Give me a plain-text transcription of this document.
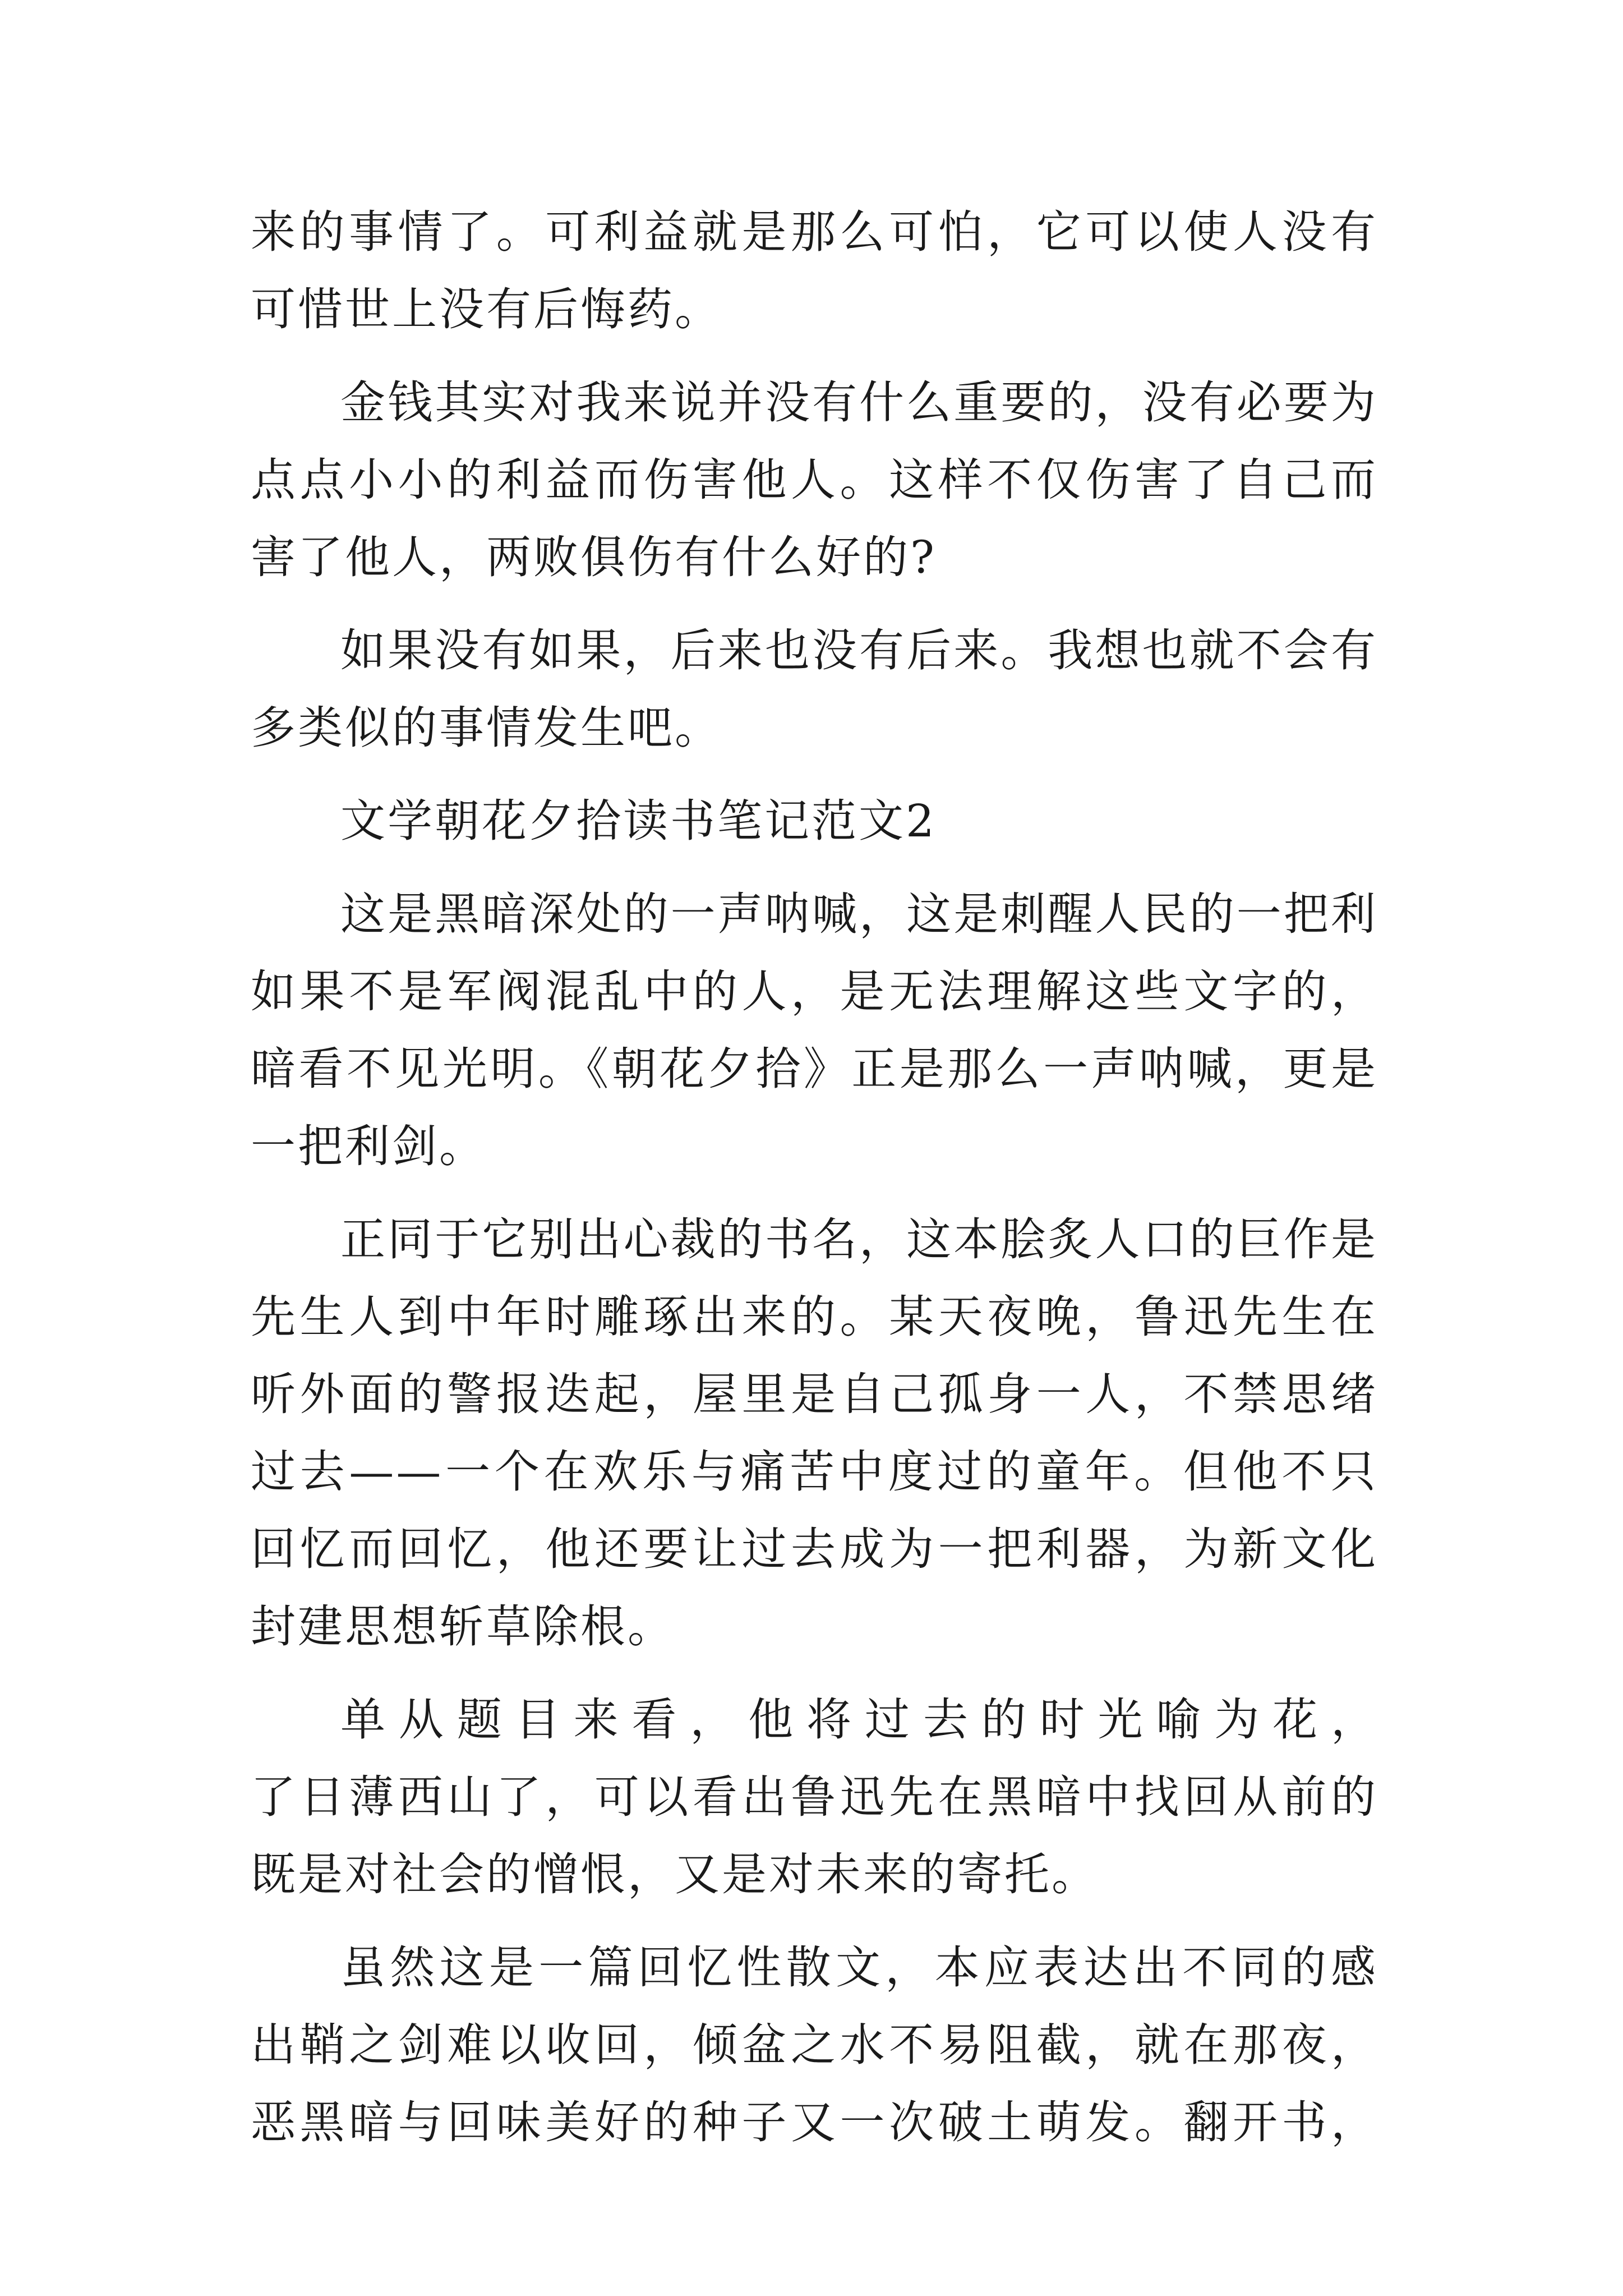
来的事情了。可利益就是那么可怕，它可以使人没有
可惜世上没有后悔药。
金钱其实对我来说并没有什么重要的，没有必要为
点点小小的利益而伤害他人。这样不仅伤害了自己而
害了他人，两败俱伤有什么好的?
如果没有如果，后来也没有后来。我想也就不会有
多类似的事情发生吧。
文学朝花夕拾读书笔记范文2
这是黑暗深处的一声呐喊，这是刺醒人民的一把利
如果不是军阀混乱中的人，是无法理解这些文字的，
暗看不见光明。《朝花夕拾》正是那么一声呐喊，更是
一把利剑。
正同于它别出心裁的书名，这本脍炙人口的巨作是
先生人到中年时雕琢出来的。某天夜晚，鲁迅先生在
听外面的警报迭起，屋里是自己孤身一人，不禁思绪
过去——一个在欢乐与痛苦中度过的童年。但他不只
回忆而回忆，他还要让过去成为一把利器，为新文化
封建思想斩草除根。
单从题目来看，他将过去的时光喻为花，
了日薄西山了，可以看出鲁迅先在黑暗中找回从前的
既是对社会的憎恨，又是对未来的寄托。
虽然这是一篇回忆性散文，本应表达出不同的感
出鞘之剑难以收回，倾盆之水不易阻截，就在那夜，
恶黑暗与回味美好的种子又一次破土萌发。翻开书，
